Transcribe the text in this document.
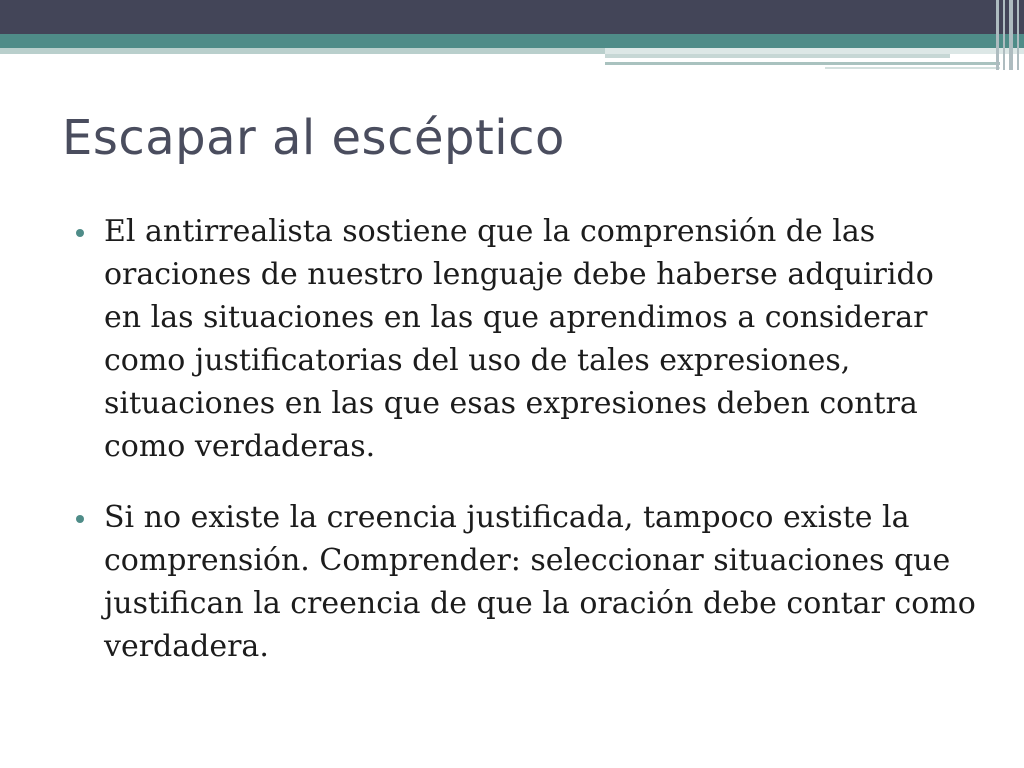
Escapar al escéptico
El antirrealista sostiene que la comprensión de las oraciones de nuestro lenguaje debe haberse adquirido en las situaciones en las que aprendimos a considerar como justificatorias del uso de tales expresiones, situaciones en las que esas expresiones deben contra como verdaderas.
Si no existe la creencia justificada, tampoco existe la comprensión. Comprender: seleccionar situaciones que justifican la creencia de que la oración debe contar como verdadera.
